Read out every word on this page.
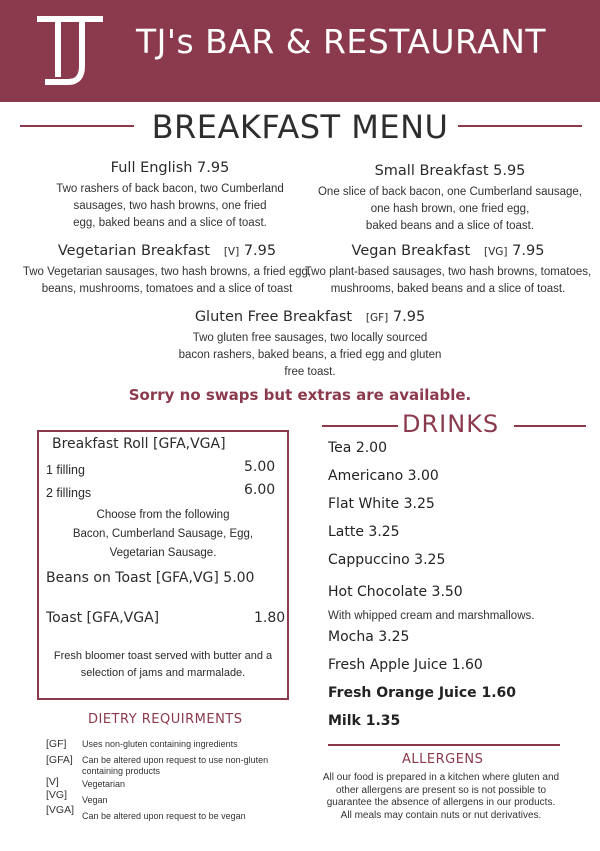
TJ's BAR & RESTAURANT
BREAKFAST MENU
Full English 7.95
Two rashers of back bacon, two Cumberland
sausages, two hash browns, one fried
egg, baked beans and a slice of toast.
Small Breakfast 5.95
One slice of back bacon, one Cumberland sausage,
one hash brown, one fried egg,
baked beans and a slice of toast.
Vegetarian Breakfast [V] 7.95
Two Vegetarian sausages, two hash browns, a fried egg,
beans, mushrooms, tomatoes and a slice of toast
Vegan Breakfast [VG] 7.95
Two plant-based sausages, two hash browns, tomatoes,
mushrooms, baked beans and a slice of toast.
Gluten Free Breakfast [GF] 7.95
Two gluten free sausages, two locally sourced
bacon rashers, baked beans, a fried egg and gluten
free toast.
Sorry no swaps but extras are available.
Breakfast Roll [GFA,VGA]
1 filling	5.00
2 fillings	6.00
Choose from the following
Bacon, Cumberland Sausage, Egg,
Vegetarian Sausage.
Beans on Toast [GFA,VG] 5.00
Toast [GFA,VGA]	1.80
Fresh bloomer toast served with butter and a
selection of jams and marmalade.
DRINKS
Tea 2.00
Americano 3.00
Flat White 3.25
Latte 3.25
Cappuccino 3.25
Hot Chocolate 3.50
With whipped cream and marshmallows.
Mocha 3.25
Fresh Apple Juice 1.60
Fresh Orange Juice 1.60
Milk 1.35
DIETRY REQUIRMENTS
[GF] Uses non-gluten containing ingredients
[GFA] Can be altered upon request to use non-gluten containing products
[V]	Vegetarian
[VG] Vegan
[VGA] Can be altered upon request to be vegan
ALLERGENS
All our food is prepared in a kitchen where gluten and
other allergens are present so is not possible to
guarantee the absence of allergens in our products.
All meals may contain nuts or nut derivatives.
